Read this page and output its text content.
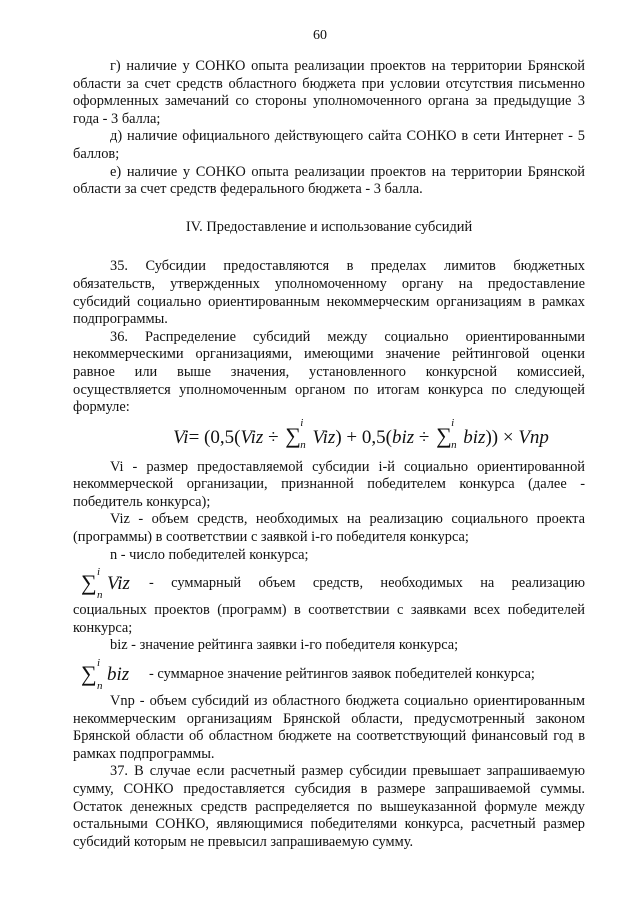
60

г) наличие у СОНКО опыта реализации проектов на территории Брянской области за счет средств областного бюджета при условии отсутствия письменно оформленных замечаний со стороны уполномоченного органа за предыдущие 3 года - 3 балла;

д) наличие официального действующего сайта СОНКО в сети Интернет - 5 баллов;

е) наличие у СОНКО опыта реализации проектов на территории Брянской области за счет средств федерального бюджета - 3 балла.

IV. Предоставление и использование субсидий

35. Субсидии предоставляются в пределах лимитов бюджетных обязательств, утвержденных уполномоченному органу на предоставление субсидий социально ориентированным некоммерческим организациям в рамках подпрограммы.

36. Распределение субсидий между социально ориентированными некоммерческими организациями, имеющими значение рейтинговой оценки равное или выше значения, установленного конкурсной комиссией, осуществляется уполномоченным органом по итогам конкурса по следующей формуле:

Vi= (0,5(Viz ÷ ∑ i
n Viz) + 0,5(biz ÷ ∑ i
n biz)) × Vnp

Vi - размер предоставляемой субсидии i-й социально ориентированной некоммерческой организации, признанной победителем конкурса (далее - победитель конкурса);

Viz - объем средств, необходимых на реализацию социального проекта (программы) в соответствии с заявкой i-го победителя конкурса;

n - число победителей конкурса;

∑ i
n
Viz	- суммарный объем средств, необходимых на реализацию

социальных проектов (программ) в соответствии с заявками всех победителей конкурса;

biz - значение рейтинга заявки i-го победителя конкурса;

∑ i
n
biz	- суммарное значение рейтингов заявок победителей конкурса;

Vnp - объем субсидий из областного бюджета социально ориентированным некоммерческим организациям Брянской области, предусмотренный законом Брянской области об областном бюджете на соответствующий финансовый год в рамках подпрограммы.

37. В случае если расчетный размер субсидии превышает запрашиваемую сумму, СОНКО предоставляется субсидия в размере запрашиваемой суммы. Остаток денежных средств распределяется по вышеуказанной формуле между остальными СОНКО, являющимися победителями конкурса, расчетный размер субсидий которым не превысил запрашиваемую сумму.
